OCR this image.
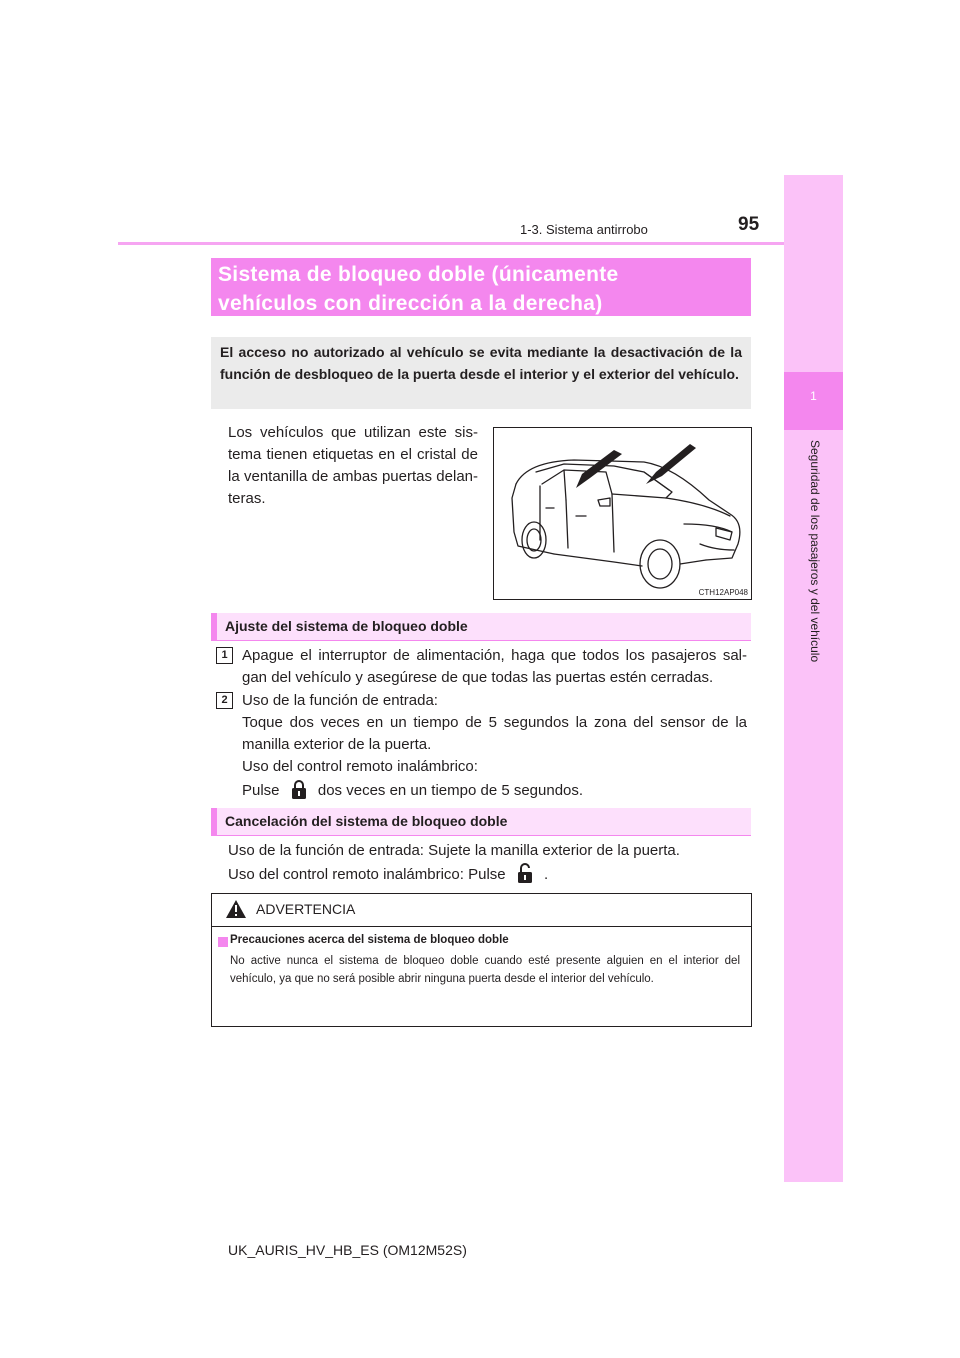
1-3. Sistema antirrobo	95
1
Seguridad de los pasajeros y del vehículo
Sistema de bloqueo doble (únicamente
vehículos con dirección a la derecha)
El acceso no autorizado al vehículo se evita mediante la desactivación de la función de desbloqueo de la puerta desde el interior y el exterior del vehículo.
Los vehículos que utilizan este sis-tema tienen etiquetas en el cristal de la ventanilla de ambas puertas delan-teras.
CTH12AP048
Ajuste del sistema de bloqueo doble
1 Apague el interruptor de alimentación, haga que todos los pasajeros sal-gan del vehículo y asegúrese de que todas las puertas estén cerradas.
2 Uso de la función de entrada:
Toque dos veces en un tiempo de 5 segundos la zona del sensor de la manilla exterior de la puerta.
Uso del control remoto inalámbrico:
Pulse	dos veces en un tiempo de 5 segundos.
Cancelación del sistema de bloqueo doble
Uso de la función de entrada: Sujete la manilla exterior de la puerta.
Uso del control remoto inalámbrico: Pulse	.
ADVERTENCIA
Precauciones acerca del sistema de bloqueo doble
No active nunca el sistema de bloqueo doble cuando esté presente alguien en el interior del vehículo, ya que no será posible abrir ninguna puerta desde el interior del vehículo.
UK_AURIS_HV_HB_ES (OM12M52S)
